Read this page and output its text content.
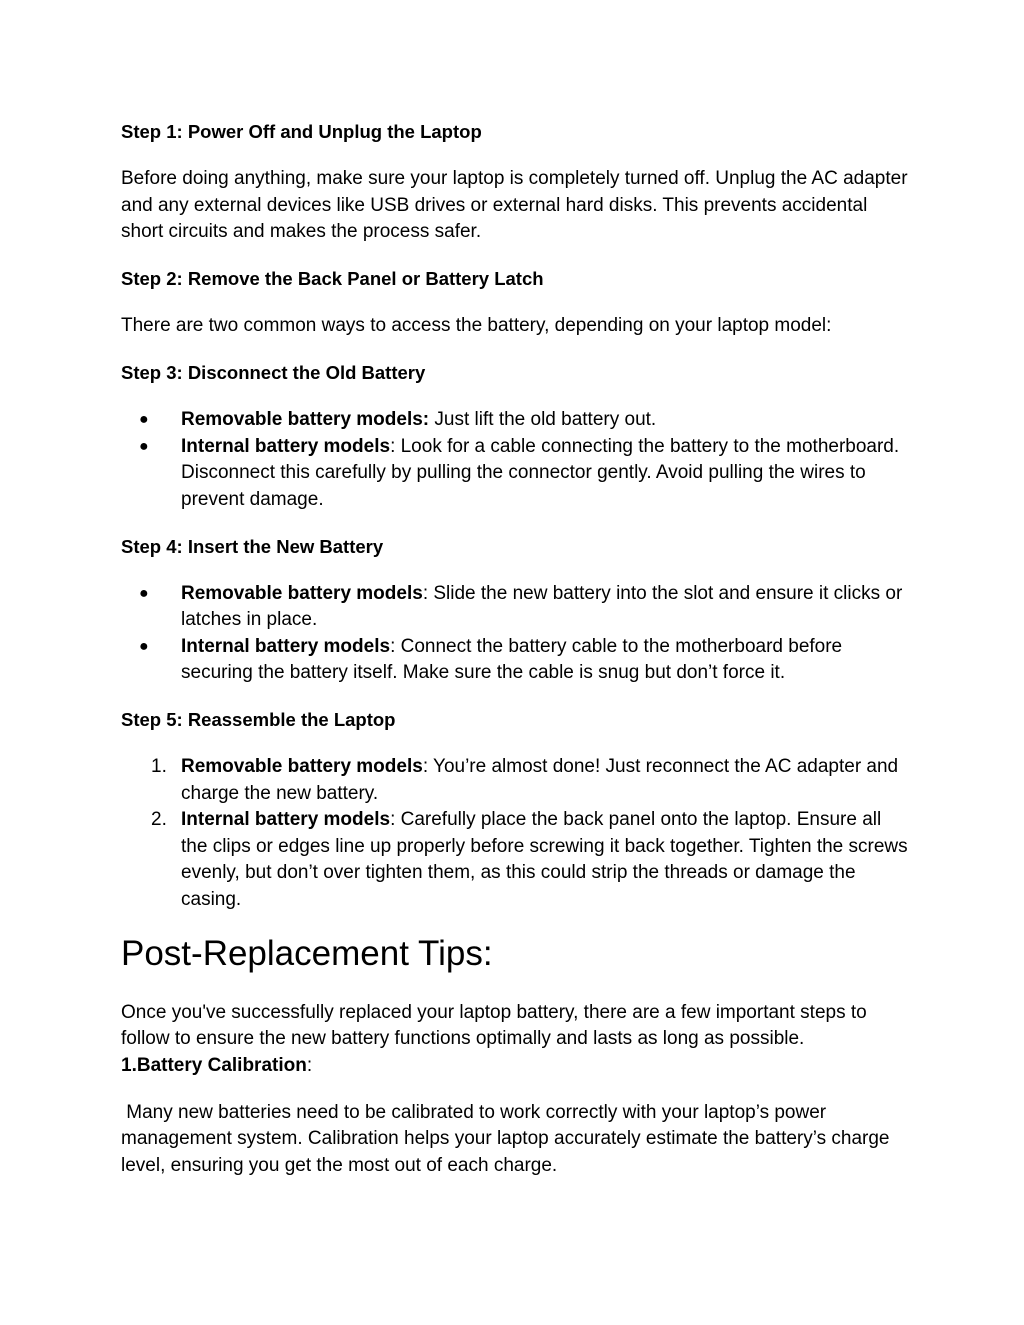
Step 1: Power Off and Unplug the Laptop

Before doing anything, make sure your laptop is completely turned off. Unplug the AC adapter and any external devices like USB drives or external hard disks. This prevents accidental short circuits and makes the process safer.

Step 2: Remove the Back Panel or Battery Latch

There are two common ways to access the battery, depending on your laptop model:

Step 3: Disconnect the Old Battery

● Removable battery models: Just lift the old battery out.
● Internal battery models: Look for a cable connecting the battery to the motherboard. Disconnect this carefully by pulling the connector gently. Avoid pulling the wires to prevent damage.

Step 4: Insert the New Battery

● Removable battery models: Slide the new battery into the slot and ensure it clicks or latches in place.
● Internal battery models: Connect the battery cable to the motherboard before securing the battery itself. Make sure the cable is snug but don’t force it.

Step 5: Reassemble the Laptop

1. Removable battery models: You’re almost done! Just reconnect the AC adapter and charge the new battery.
2. Internal battery models: Carefully place the back panel onto the laptop. Ensure all the clips or edges line up properly before screwing it back together. Tighten the screws evenly, but don’t over tighten them, as this could strip the threads or damage the casing.
Post-Replacement Tips:

Once you've successfully replaced your laptop battery, there are a few important steps to follow to ensure the new battery functions optimally and lasts as long as possible.

1.Battery Calibration:

Many new batteries need to be calibrated to work correctly with your laptop’s power management system. Calibration helps your laptop accurately estimate the battery’s charge level, ensuring you get the most out of each charge.
